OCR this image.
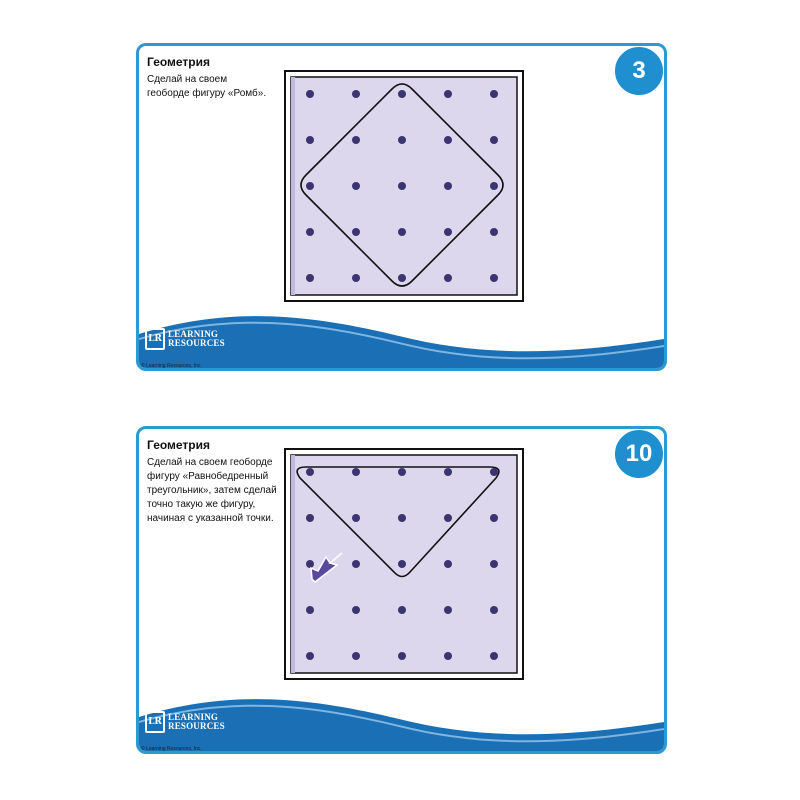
Геометрия
Сделай на своем геоборде фигуру «Ромб».
3
LR LEARNING
RESOURCES
© Learning Resources, Inc.
Геометрия
Сделай на своем геоборде фигуру «Равнобедренный треугольник», затем сделай точно такую же фигуру, начиная с указанной точки.
10
LR LEARNING
RESOURCES
© Learning Resources, Inc.
